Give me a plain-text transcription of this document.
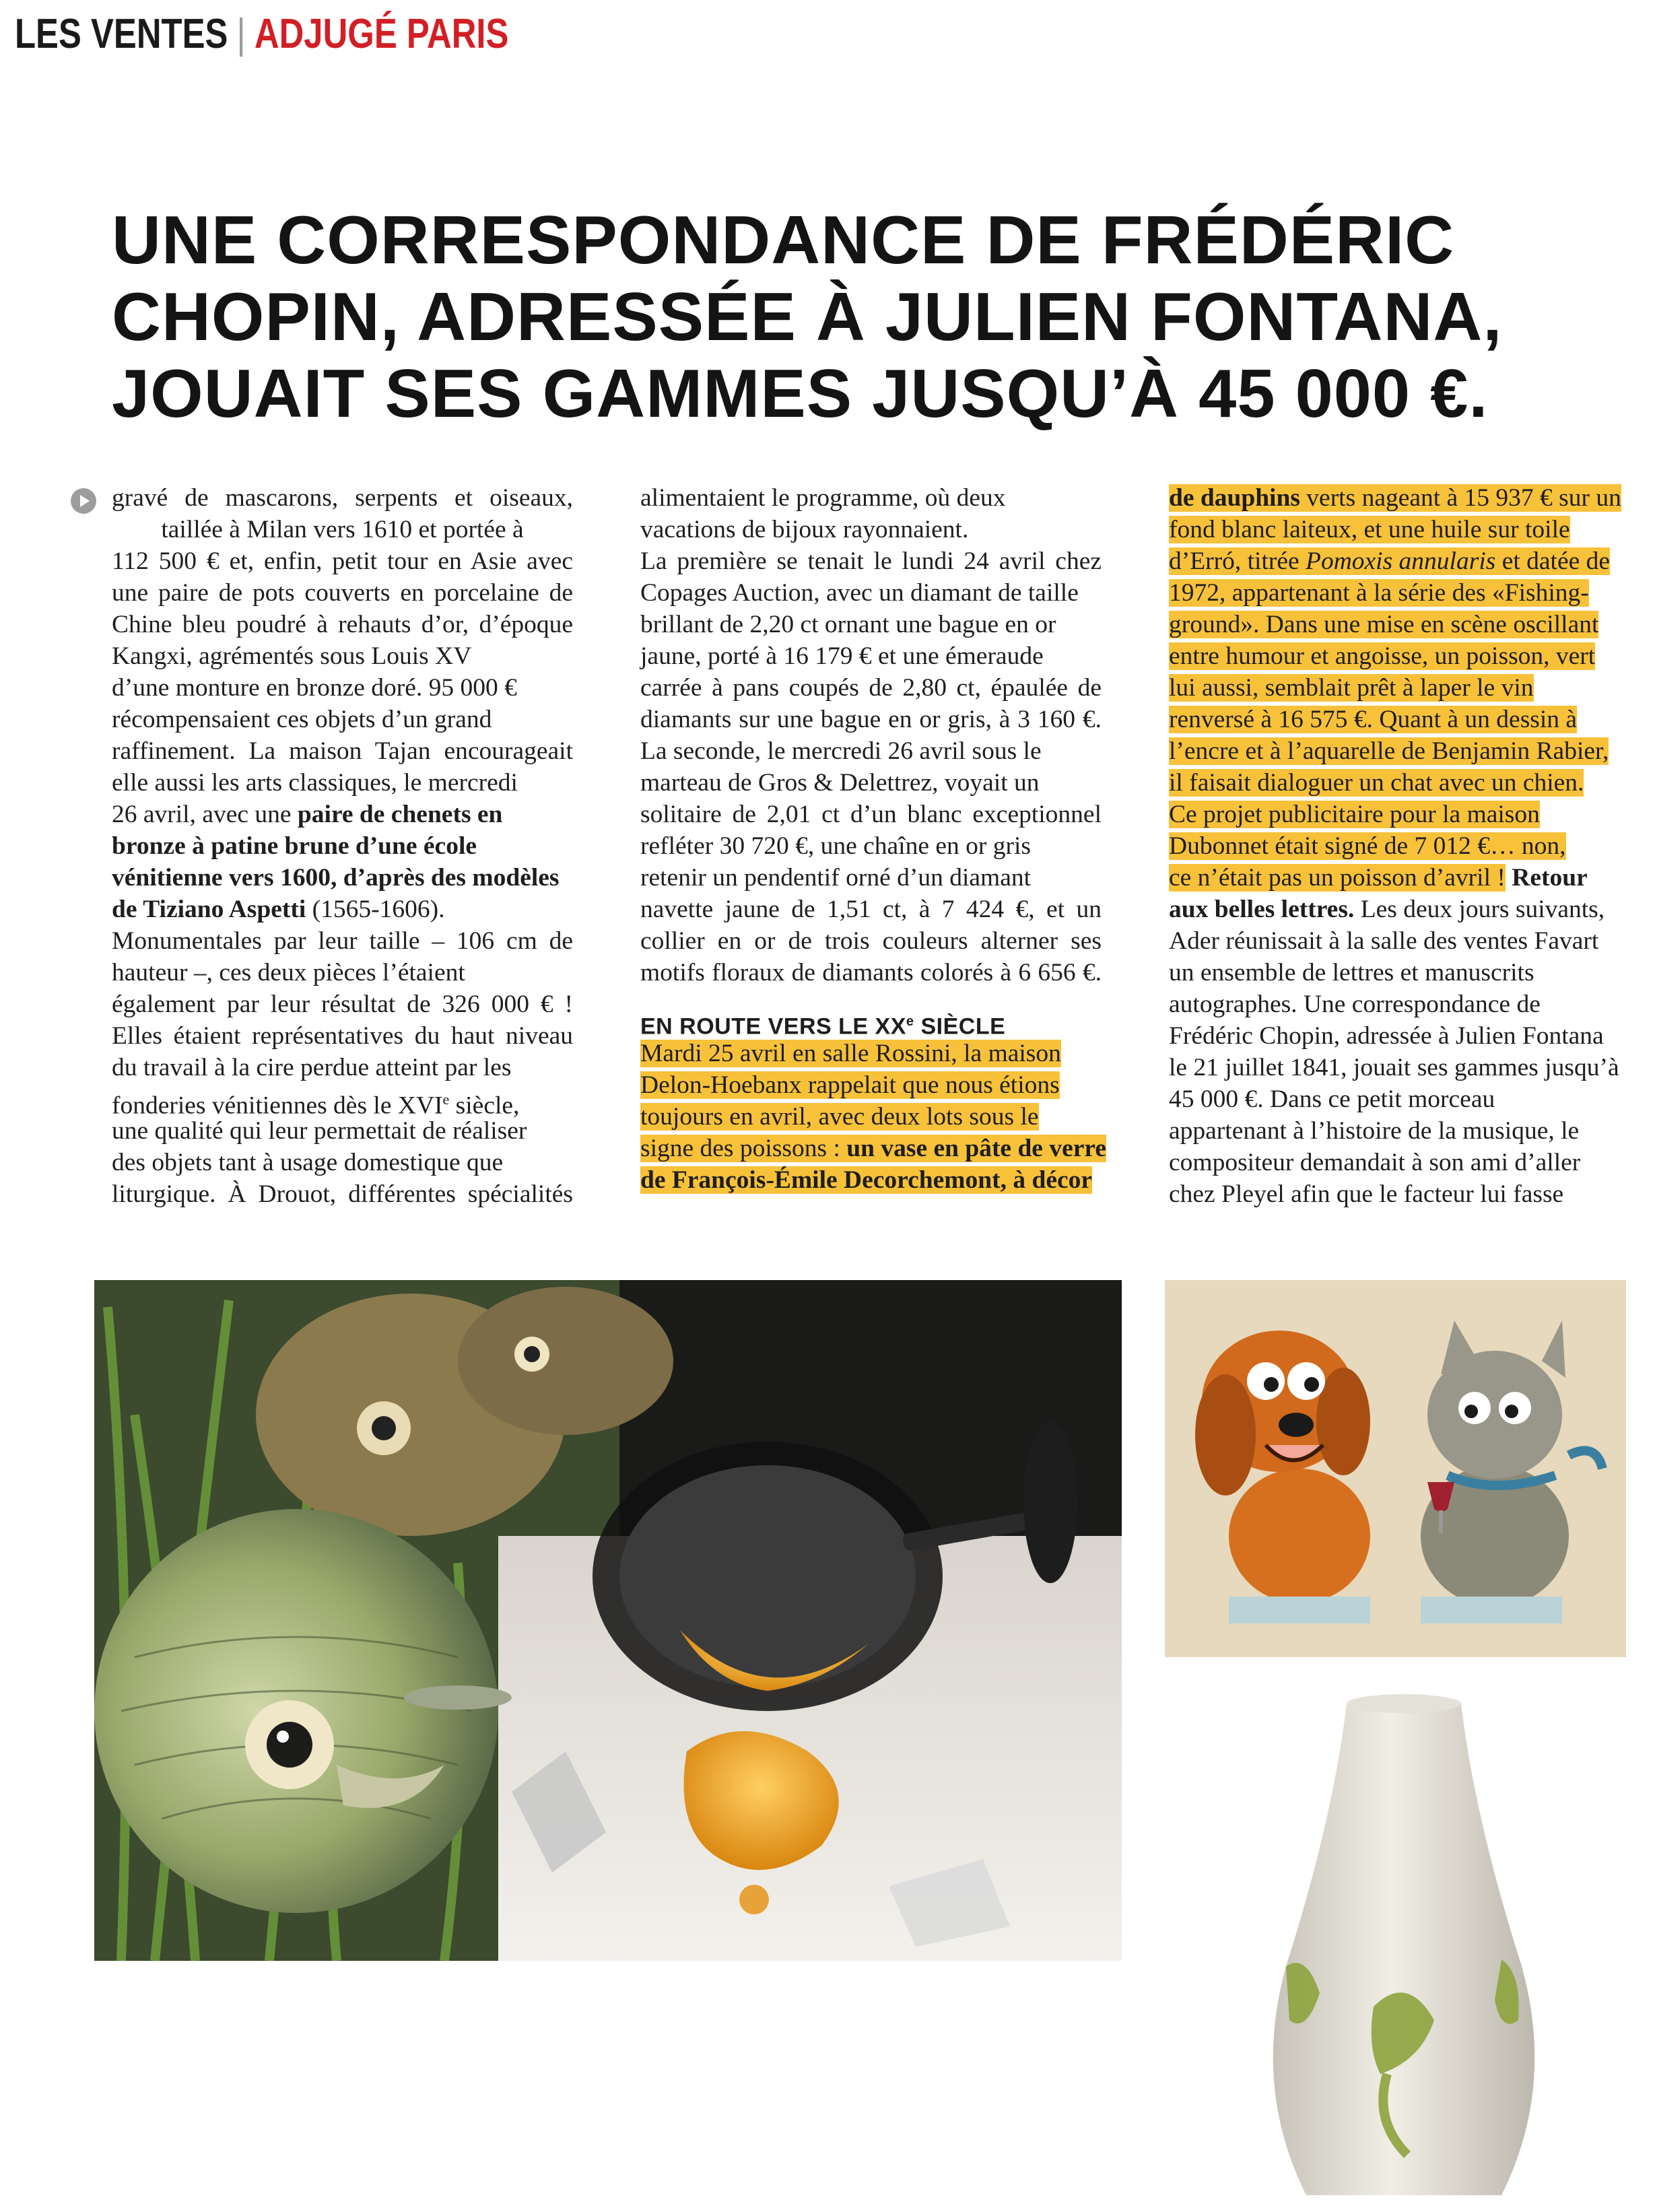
LES VENTES | ADJUGÉ PARIS
UNE CORRESPONDANCE DE FRÉDÉRIC
CHOPIN, ADRESSÉE À JULIEN FONTANA,
JOUAIT SES GAMMES JUSQU’À 45 000 €.
gravé de mascarons, serpents et oiseaux,
taillée à Milan vers 1610 et portée à
112 500 € et, enfin, petit tour en Asie avec
une paire de pots couverts en porcelaine de
Chine bleu poudré à rehauts d’or, d’époque
Kangxi, agrémentés sous Louis XV
d’une monture en bronze doré. 95 000 €
récompensaient ces objets d’un grand
raffinement. La maison Tajan encourageait
elle aussi les arts classiques, le mercredi
26 avril, avec une paire de chenets en
bronze à patine brune d’une école
vénitienne vers 1600, d’après des modèles
de Tiziano Aspetti (1565-1606).
Monumentales par leur taille – 106 cm de
hauteur –, ces deux pièces l’étaient
également par leur résultat de 326 000 € !
Elles étaient représentatives du haut niveau
du travail à la cire perdue atteint par les
fonderies vénitiennes dès le XVIe siècle,
une qualité qui leur permettait de réaliser
des objets tant à usage domestique que
liturgique. À Drouot, différentes spécialités
alimentaient le programme, où deux
vacations de bijoux rayonnaient.
La première se tenait le lundi 24 avril chez
Copages Auction, avec un diamant de taille
brillant de 2,20 ct ornant une bague en or
jaune, porté à 16 179 € et une émeraude
carrée à pans coupés de 2,80 ct, épaulée de
diamants sur une bague en or gris, à 3 160 €.
La seconde, le mercredi 26 avril sous le
marteau de Gros & Delettrez, voyait un
solitaire de 2,01 ct d’un blanc exceptionnel
refléter 30 720 €, une chaîne en or gris
retenir un pendentif orné d’un diamant
navette jaune de 1,51 ct, à 7 424 €, et un
collier en or de trois couleurs alterner ses
motifs floraux de diamants colorés à 6 656 €.
EN ROUTE VERS LE XXe SIÈCLE
Mardi 25 avril en salle Rossini, la maison
Delon-Hoebanx rappelait que nous étions
toujours en avril, avec deux lots sous le
signe des poissons : un vase en pâte de verre
de François-Émile Decorchemont, à décor
de dauphins verts nageant à 15 937 € sur un
fond blanc laiteux, et une huile sur toile
d’Erró, titrée Pomoxis annularis et datée de
1972, appartenant à la série des «Fishing-
ground». Dans une mise en scène oscillant
entre humour et angoisse, un poisson, vert
lui aussi, semblait prêt à laper le vin
renversé à 16 575 €. Quant à un dessin à
l’encre et à l’aquarelle de Benjamin Rabier,
il faisait dialoguer un chat avec un chien.
Ce projet publicitaire pour la maison
Dubonnet était signé de 7 012 €… non,
ce n’était pas un poisson d’avril ! Retour
aux belles lettres. Les deux jours suivants,
Ader réunissait à la salle des ventes Favart
un ensemble de lettres et manuscrits
autographes. Une correspondance de
Frédéric Chopin, adressée à Julien Fontana
le 21 juillet 1841, jouait ses gammes jusqu’à
45 000 €. Dans ce petit morceau
appartenant à l’histoire de la musique, le
compositeur demandait à son ami d’aller
chez Pleyel afin que le facteur lui fasse
